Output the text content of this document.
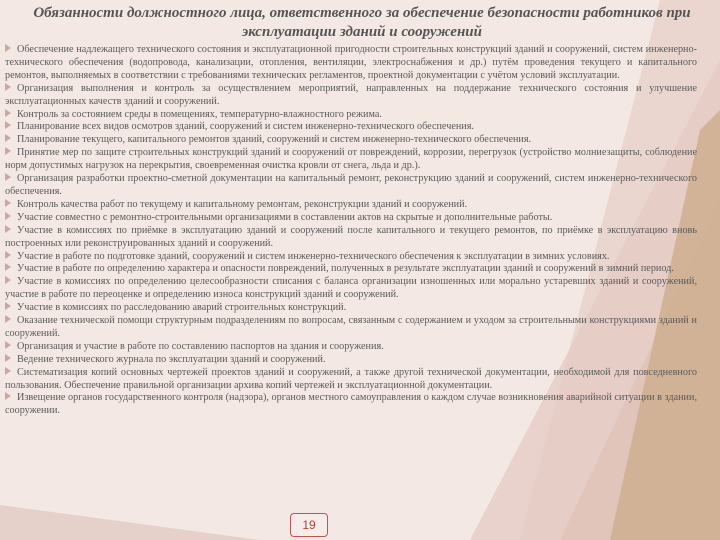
Обязанности должностного лица, ответственного за обеспечение безопасности работников при эксплуатации зданий и сооружений

Обеспечение надлежащего технического состояния и эксплуатационной пригодности строительных конструкций зданий и сооружений, систем инженерно-технического обеспечения (водопровода, канализации, отопления, вентиляции, электроснабжения и др.) путём проведения текущего и капитального ремонтов, выполняемых в соответствии с требованиями технических регламентов, проектной документации с учётом условий эксплуатации.

Организация выполнения и контроль за осуществлением мероприятий, направленных на поддержание технического состояния и улучшение эксплуатационных качеств зданий и сооружений.

Контроль за состоянием среды в помещениях, температурно-влажностного режима.

Планирование всех видов осмотров зданий, сооружений и систем инженерно-технического обеспечения.

Планирование текущего, капитального ремонтов зданий, сооружений и систем инженерно-технического обеспечения.

Принятие мер по защите строительных конструкций зданий и сооружений от повреждений, коррозии, перегрузок (устройство молниезащиты, соблюдение норм допустимых нагрузок на перекрытия, своевременная очистка кровли от снега, льда и др.).

Организация разработки проектно-сметной документации на капитальный ремонт, реконструкцию зданий и сооружений, систем инженерно-технического обеспечения.

Контроль качества работ по текущему и капитальному ремонтам, реконструкции зданий и сооружений.

Участие совместно с ремонтно-строительными организациями в составлении актов на скрытые и дополнительные работы.

Участие в комиссиях по приёмке в эксплуатацию зданий и сооружений после капитального и текущего ремонтов, по приёмке в эксплуатацию вновь построенных или реконструированных зданий и сооружений.

Участие в работе по подготовке зданий, сооружений и систем инженерно-технического обеспечения к эксплуатации в зимних условиях.

Участие в работе по определению характера и опасности повреждений, полученных в результате эксплуатации зданий и сооружений в зимний период.

Участие в комиссиях по определению целесообразности списания с баланса организации изношенных или морально устаревших зданий и сооружений, участие в работе по переоценке и определению износа конструкций зданий и сооружений.

Участие в комиссиях по расследованию аварий строительных конструкций.

Оказание технической помощи структурным подразделениям по вопросам, связанным с содержанием и уходом за строительными конструкциями зданий и сооружений.

Организация и участие в работе по составлению паспортов на здания и сооружения.

Ведение технического журнала по эксплуатации зданий и сооружений.

Систематизация копий основных чертежей проектов зданий и сооружений, а также другой технической документации, необходимой для повседневного пользования. Обеспечение правильной организации архива копий чертежей и эксплуатационной документации.

Извещение органов государственного контроля (надзора), органов местного самоуправления о каждом случае возникновения аварийной ситуации в здании, сооружении.

19
